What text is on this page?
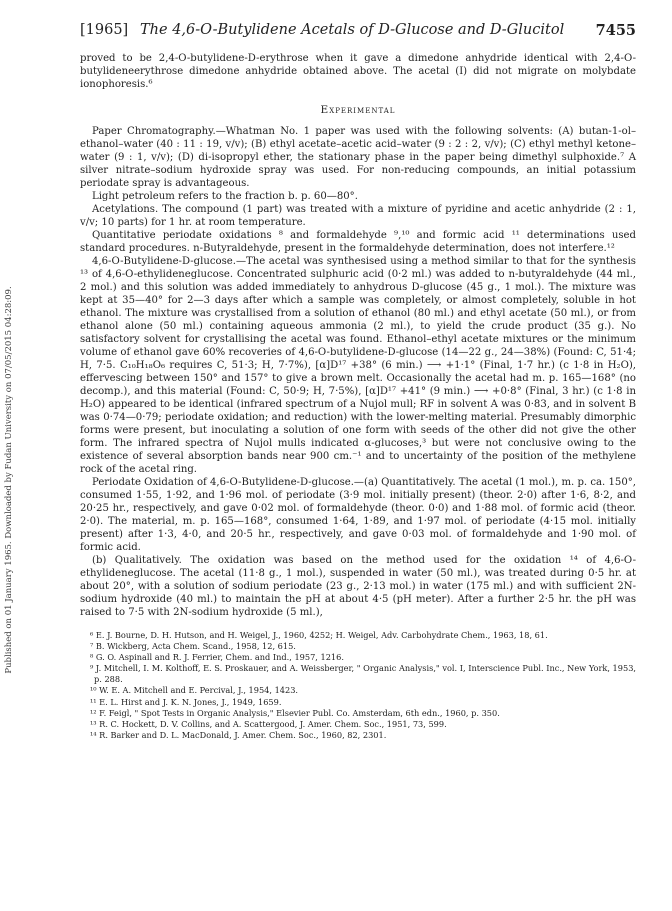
Published on 01 January 1965. Downloaded by Fudan University on 07/05/2015 04:28:09.
[1965] The 4,6-O-Butylidene Acetals of D-Glucose and D-Glucitol 7455

proved to be 2,4-O-butylidene-D-erythrose when it gave a dimedone anhydride identical with 2,4-O-butylideneerythrose dimedone anhydride obtained above. The acetal (I) did not migrate on molybdate ionophoresis.⁶

Experimental

Paper Chromatography.—Whatman No. 1 paper was used with the following solvents: (A) butan-1-ol–ethanol–water (40 : 11 : 19, v/v); (B) ethyl acetate–acetic acid–water (9 : 2 : 2, v/v); (C) ethyl methyl ketone–water (9 : 1, v/v); (D) di-isopropyl ether, the stationary phase in the paper being dimethyl sulphoxide.⁷ A silver nitrate–sodium hydroxide spray was used. For non-reducing compounds, an initial potassium periodate spray is advantageous.

Light petroleum refers to the fraction b. p. 60—80°.

Acetylations. The compound (1 part) was treated with a mixture of pyridine and acetic anhydride (2 : 1, v/v; 10 parts) for 1 hr. at room temperature.

Quantitative periodate oxidations ⁸ and formaldehyde ⁹,¹⁰ and formic acid ¹¹ determinations used standard procedures. n-Butyraldehyde, present in the formaldehyde determination, does not interfere.¹²

4,6-O-Butylidene-D-glucose.—The acetal was synthesised using a method similar to that for the synthesis ¹³ of 4,6-O-ethylideneglucose. Concentrated sulphuric acid (0·2 ml.) was added to n-butyraldehyde (44 ml., 2 mol.) and this solution was added immediately to anhydrous D-glucose (45 g., 1 mol.). The mixture was kept at 35—40° for 2—3 days after which a sample was completely, or almost completely, soluble in hot ethanol. The mixture was crystallised from a solution of ethanol (80 ml.) and ethyl acetate (50 ml.), or from ethanol alone (50 ml.) containing aqueous ammonia (2 ml.), to yield the crude product (35 g.). No satisfactory solvent for crystallising the acetal was found. Ethanol–ethyl acetate mixtures or the minimum volume of ethanol gave 60% recoveries of 4,6-O-butylidene-D-glucose (14—22 g., 24—38%) (Found: C, 51·4; H, 7·5. C₁₀H₁₈O₆ requires C, 51·3; H, 7·7%), [α]D¹⁷ +38° (6 min.) ⟶ +1·1° (Final, 1·7 hr.) (c 1·8 in H₂O), effervescing between 150° and 157° to give a brown melt. Occasionally the acetal had m. p. 165—168° (no decomp.), and this material (Found: C, 50·9; H, 7·5%), [α]D¹⁷ +41° (9 min.) ⟶ +0·8° (Final, 3 hr.) (c 1·8 in H₂O) appeared to be identical (infrared spectrum of a Nujol mull; RF in solvent A was 0·83, and in solvent B was 0·74—0·79; periodate oxidation; and reduction) with the lower-melting material. Presumably dimorphic forms were present, but inoculating a solution of one form with seeds of the other did not give the other form. The infrared spectra of Nujol mulls indicated α-glucoses,³ but were not conclusive owing to the existence of several absorption bands near 900 cm.⁻¹ and to uncertainty of the position of the methylene rock of the acetal ring.

Periodate Oxidation of 4,6-O-Butylidene-D-glucose.—(a) Quantitatively. The acetal (1 mol.), m. p. ca. 150°, consumed 1·55, 1·92, and 1·96 mol. of periodate (3·9 mol. initially present) (theor. 2·0) after 1·6, 8·2, and 20·25 hr., respectively, and gave 0·02 mol. of formaldehyde (theor. 0·0) and 1·88 mol. of formic acid (theor. 2·0). The material, m. p. 165—168°, consumed 1·64, 1·89, and 1·97 mol. of periodate (4·15 mol. initially present) after 1·3, 4·0, and 20·5 hr., respectively, and gave 0·03 mol. of formaldehyde and 1·90 mol. of formic acid.

(b) Qualitatively. The oxidation was based on the method used for the oxidation ¹⁴ of 4,6-O-ethylideneglucose. The acetal (11·8 g., 1 mol.), suspended in water (50 ml.), was treated during 0·5 hr. at about 20°, with a solution of sodium periodate (23 g., 2·13 mol.) in water (175 ml.) and with sufficient 2N-sodium hydroxide (40 ml.) to maintain the pH at about 4·5 (pH meter). After a further 2·5 hr. the pH was raised to 7·5 with 2N-sodium hydroxide (5 ml.),

⁶ E. J. Bourne, D. H. Hutson, and H. Weigel, J., 1960, 4252; H. Weigel, Adv. Carbohydrate Chem., 1963, 18, 61.

⁷ B. Wickberg, Acta Chem. Scand., 1958, 12, 615.

⁸ G. O. Aspinall and R. J. Ferrier, Chem. and Ind., 1957, 1216.

⁹ J. Mitchell, I. M. Kolthoff, E. S. Proskauer, and A. Weissberger, " Organic Analysis," vol. I, Interscience Publ. Inc., New York, 1953, p. 288.

¹⁰ W. E. A. Mitchell and E. Percival, J., 1954, 1423.

¹¹ E. L. Hirst and J. K. N. Jones, J., 1949, 1659.

¹² F. Feigl, " Spot Tests in Organic Analysis," Elsevier Publ. Co. Amsterdam, 6th edn., 1960, p. 350.

¹³ R. C. Hockett, D. V. Collins, and A. Scattergood, J. Amer. Chem. Soc., 1951, 73, 599.

¹⁴ R. Barker and D. L. MacDonald, J. Amer. Chem. Soc., 1960, 82, 2301.
